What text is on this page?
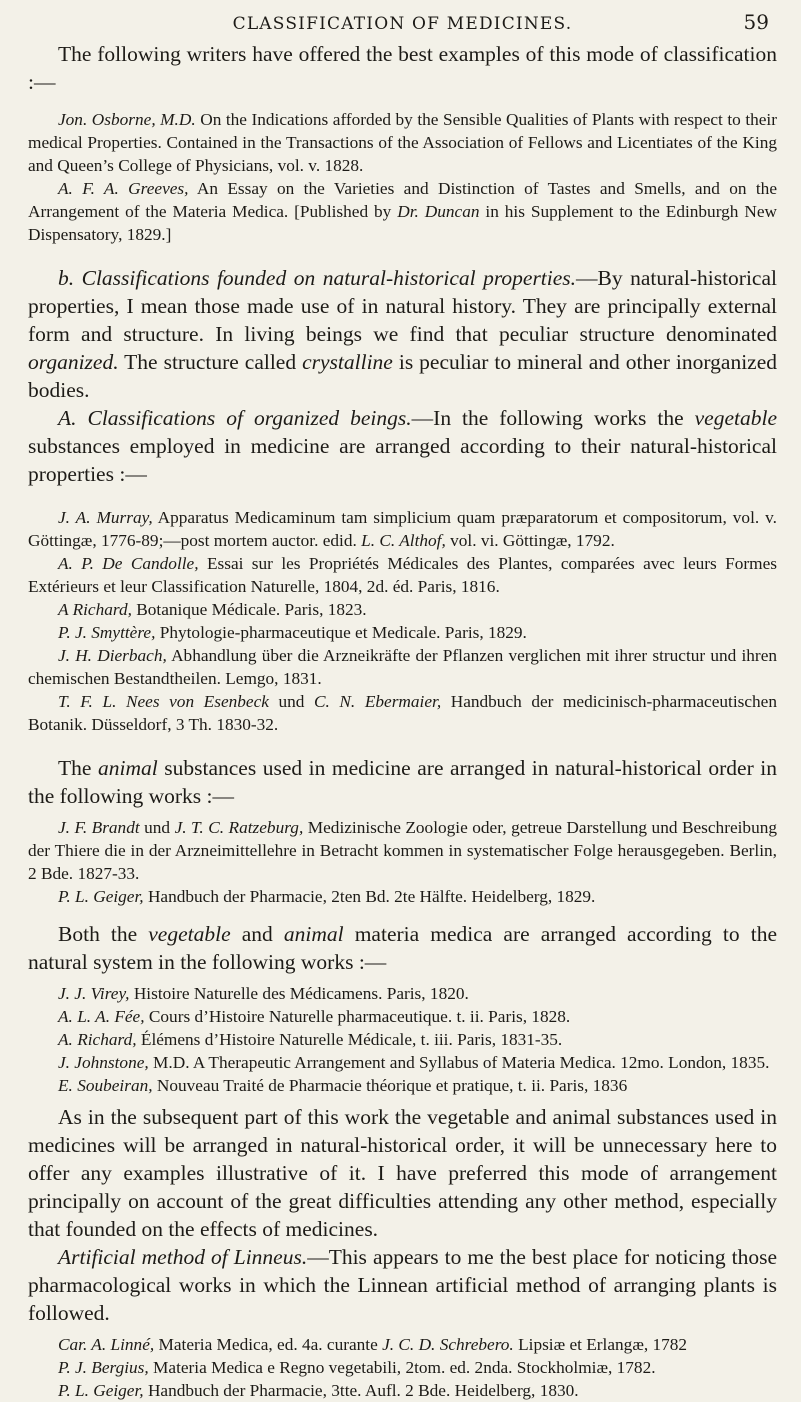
CLASSIFICATION OF MEDICINES.	59

The following writers have offered the best examples of this mode of classification :—

Jon. Osborne, M.D. On the Indications afforded by the Sensible Qualities of Plants with respect to their medical Properties. Contained in the Transactions of the Association of Fellows and Licentiates of the King and Queen’s College of Physicians, vol. v. 1828.

A. F. A. Greeves, An Essay on the Varieties and Distinction of Tastes and Smells, and on the Arrangement of the Materia Medica. [Published by Dr. Duncan in his Supplement to the Edinburgh New Dispensatory, 1829.]

b. Classifications founded on natural-historical properties.—By natural-historical properties, I mean those made use of in natural history. They are principally external form and structure. In living beings we find that peculiar structure denominated organized. The structure called crystalline is peculiar to mineral and other inorganized bodies.

A. Classifications of organized beings.—In the following works the vegetable substances employed in medicine are arranged according to their natural-historical properties :—

J. A. Murray, Apparatus Medicaminum tam simplicium quam præparatorum et compositorum, vol. v. Göttingæ, 1776-89;—post mortem auctor. edid. L. C. Althof, vol. vi. Göttingæ, 1792.

A. P. De Candolle, Essai sur les Propriétés Médicales des Plantes, comparées avec leurs Formes Extérieurs et leur Classification Naturelle, 1804, 2d. éd. Paris, 1816.

A Richard, Botanique Médicale. Paris, 1823.

P. J. Smyttère, Phytologie-pharmaceutique et Medicale. Paris, 1829.

J. H. Dierbach, Abhandlung über die Arzneikräfte der Pflanzen verglichen mit ihrer structur und ihren chemischen Bestandtheilen. Lemgo, 1831.

T. F. L. Nees von Esenbeck und C. N. Ebermaier, Handbuch der medicinisch-pharmaceutischen Botanik. Düsseldorf, 3 Th. 1830-32.

The animal substances used in medicine are arranged in natural-historical order in the following works :—

J. F. Brandt und J. T. C. Ratzeburg, Medizinische Zoologie oder, getreue Darstellung und Beschreibung der Thiere die in der Arzneimittellehre in Betracht kommen in systematischer Folge herausgegeben. Berlin, 2 Bde. 1827-33.

P. L. Geiger, Handbuch der Pharmacie, 2ten Bd. 2te Hälfte. Heidelberg, 1829.

Both the vegetable and animal materia medica are arranged according to the natural system in the following works :—

J. J. Virey, Histoire Naturelle des Médicamens. Paris, 1820.

A. L. A. Fée, Cours d’Histoire Naturelle pharmaceutique. t. ii. Paris, 1828.

A. Richard, Élémens d’Histoire Naturelle Médicale, t. iii. Paris, 1831-35.

J. Johnstone, M.D. A Therapeutic Arrangement and Syllabus of Materia Medica. 12mo. London, 1835.

E. Soubeiran, Nouveau Traité de Pharmacie théorique et pratique, t. ii. Paris, 1836

As in the subsequent part of this work the vegetable and animal substances used in medicines will be arranged in natural-historical order, it will be unnecessary here to offer any examples illustrative of it. I have preferred this mode of arrangement principally on account of the great difficulties attending any other method, especially that founded on the effects of medicines.

Artificial method of Linneus.—This appears to me the best place for noticing those pharmacological works in which the Linnean artificial method of arranging plants is followed.

Car. A. Linné, Materia Medica, ed. 4a. curante J. C. D. Schrebero. Lipsiæ et Erlangæ, 1782

P. J. Bergius, Materia Medica e Regno vegetabili, 2tom. ed. 2nda. Stockholmiæ, 1782.

P. L. Geiger, Handbuch der Pharmacie, 3tte. Aufl. 2 Bde. Heidelberg, 1830.
